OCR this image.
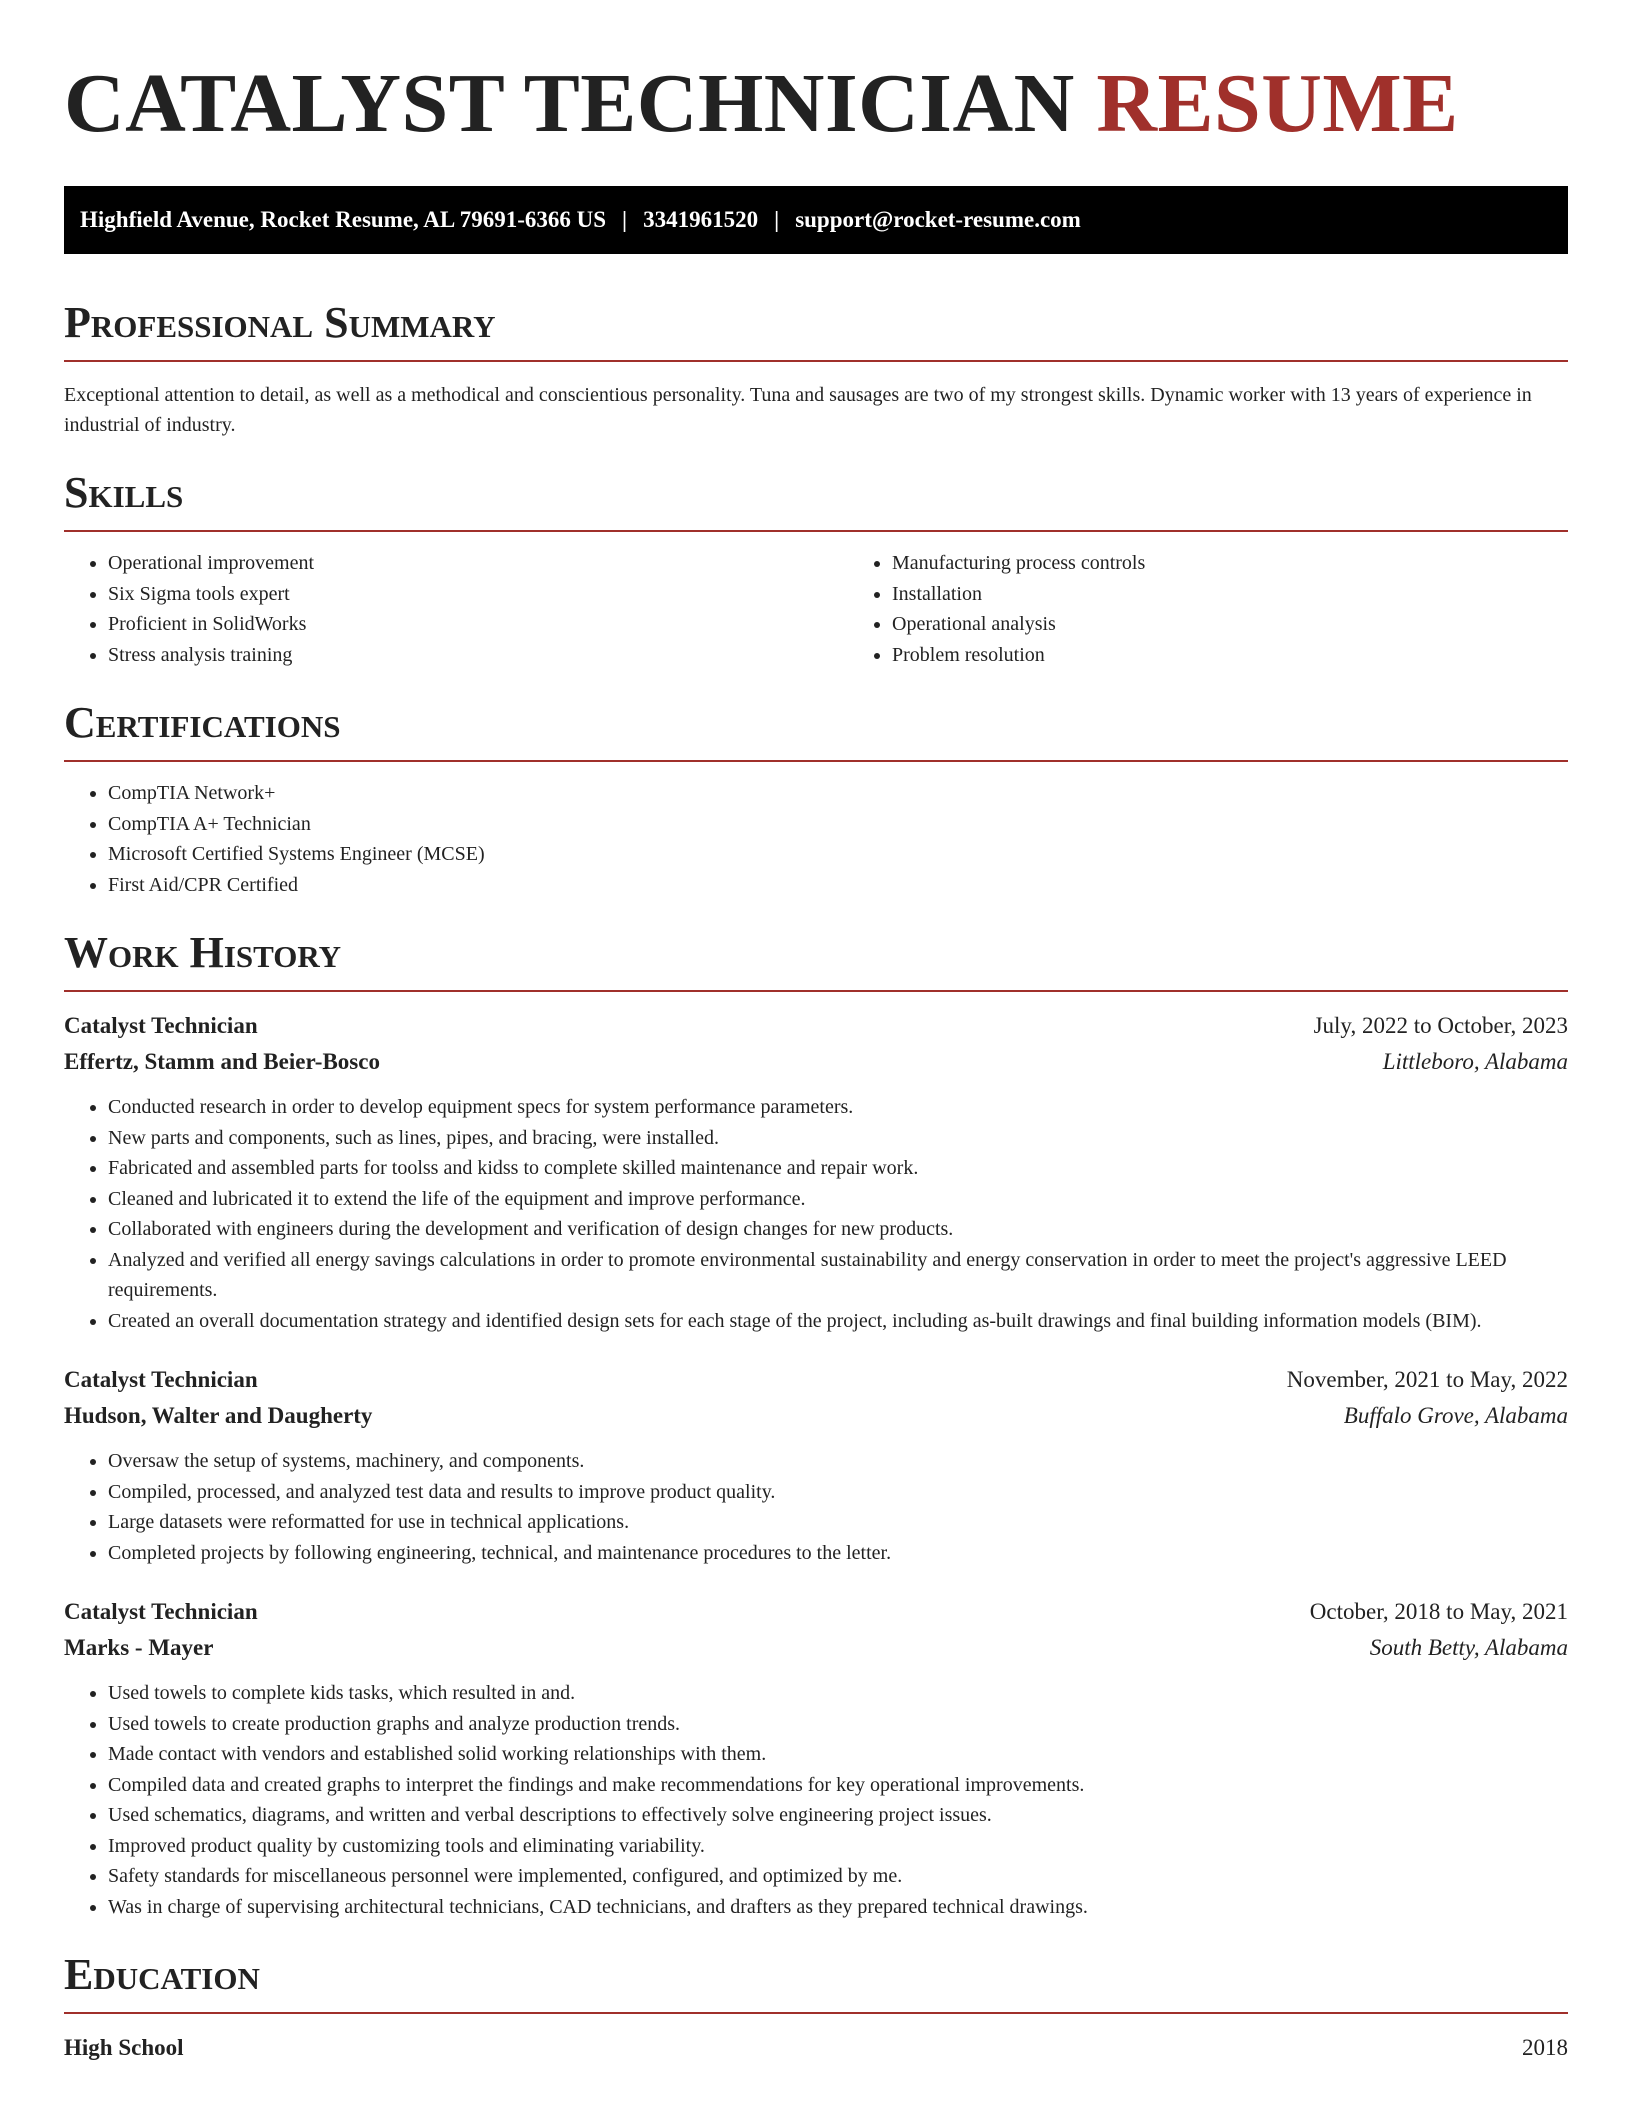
CATALYST TECHNICIAN RESUME
Highfield Avenue, Rocket Resume, AL 79691-6366 US | 3341961520 | support@rocket-resume.com
Professional Summary

Exceptional attention to detail, as well as a methodical and conscientious personality. Tuna and sausages are two of my strongest skills. Dynamic worker with 13 years of experience in industrial of industry.

Skills
• Operational improvement
• Six Sigma tools expert
• Proficient in SolidWorks
• Stress analysis training
• Manufacturing process controls
• Installation
• Operational analysis
• Problem resolution
Certifications
• CompTIA Network+
• CompTIA A+ Technician
• Microsoft Certified Systems Engineer (MCSE)
• First Aid/CPR Certified
Work History
Catalyst Technician	July, 2022 to October, 2023
Effertz, Stamm and Beier-Bosco	Littleboro, Alabama
• Conducted research in order to develop equipment specs for system performance parameters.
• New parts and components, such as lines, pipes, and bracing, were installed.
• Fabricated and assembled parts for toolss and kidss to complete skilled maintenance and repair work.
• Cleaned and lubricated it to extend the life of the equipment and improve performance.
• Collaborated with engineers during the development and verification of design changes for new products.
• Analyzed and verified all energy savings calculations in order to promote environmental sustainability and energy conservation in order to meet the project's aggressive LEED requirements.
• Created an overall documentation strategy and identified design sets for each stage of the project, including as-built drawings and final building information models (BIM).
Catalyst Technician	November, 2021 to May, 2022
Hudson, Walter and Daugherty	Buffalo Grove, Alabama
• Oversaw the setup of systems, machinery, and components.
• Compiled, processed, and analyzed test data and results to improve product quality.
• Large datasets were reformatted for use in technical applications.
• Completed projects by following engineering, technical, and maintenance procedures to the letter.
Catalyst Technician	October, 2018 to May, 2021
Marks - Mayer	South Betty, Alabama
• Used towels to complete kids tasks, which resulted in and.
• Used towels to create production graphs and analyze production trends.
• Made contact with vendors and established solid working relationships with them.
• Compiled data and created graphs to interpret the findings and make recommendations for key operational improvements.
• Used schematics, diagrams, and written and verbal descriptions to effectively solve engineering project issues.
• Improved product quality by customizing tools and eliminating variability.
• Safety standards for miscellaneous personnel were implemented, configured, and optimized by me.
• Was in charge of supervising architectural technicians, CAD technicians, and drafters as they prepared technical drawings.
Education
High School	2018
